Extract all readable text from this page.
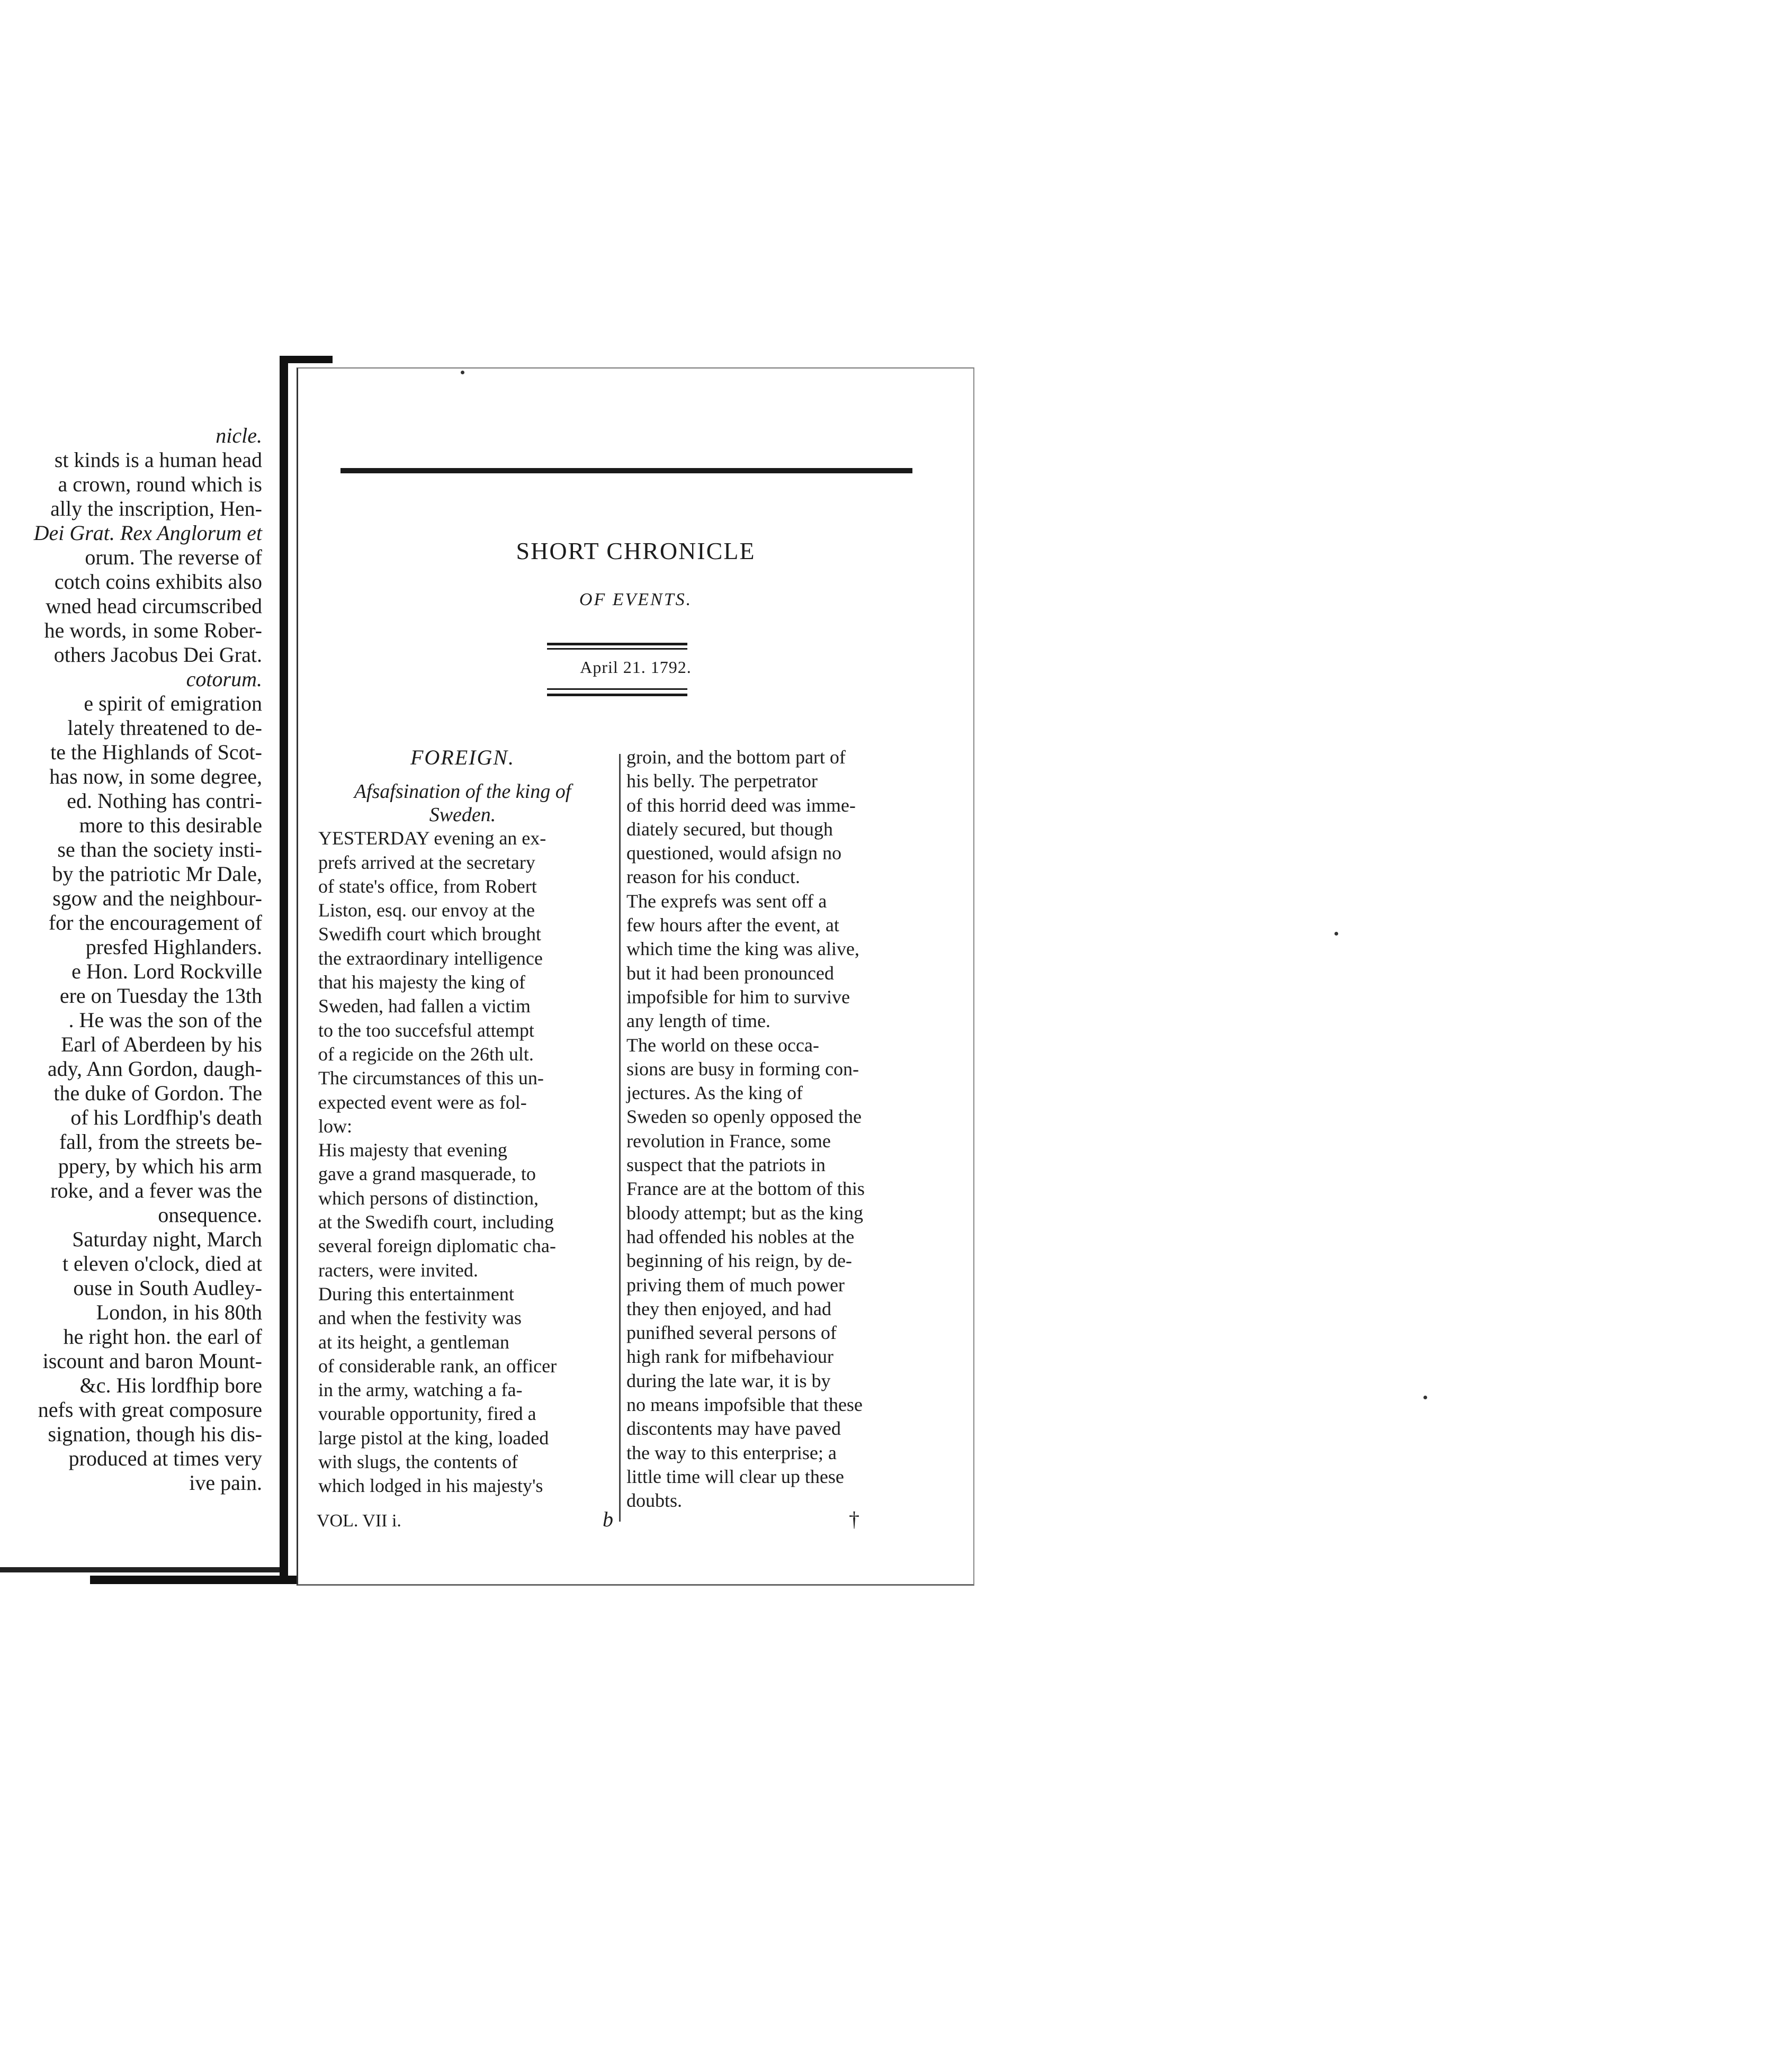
nicle.
st kinds is a human head
a crown, round which is
ally the inscription, Hen-
Dei Grat. Rex Anglorum et
orum. The reverse of
cotch coins exhibits also
wned head circumscribed
he words, in some Rober-
others Jacobus Dei Grat.
cotorum.
e spirit of emigration
lately threatened to de-
te the Highlands of Scot-
has now, in some degree,
ed. Nothing has contri-
more to this desirable
se than the society insti-
by the patriotic Mr Dale,
sgow and the neighbour-
for the encouragement of
presfed Highlanders.
e Hon. Lord Rockville
ere on Tuesday the 13th
. He was the son of the
Earl of Aberdeen by his
ady, Ann Gordon, daugh-
the duke of Gordon. The
of his Lordfhip's death
fall, from the streets be-
ppery, by which his arm
roke, and a fever was the
onsequence.
Saturday night, March
t eleven o'clock, died at
ouse in South Audley-
London, in his 80th
he right hon. the earl of
iscount and baron Mount-
&c. His lordfhip bore
nefs with great composure
signation, though his dis-
produced at times very
ive pain.
SHORT CHRONICLE
OF EVENTS.
April 21. 1792.
FOREIGN.
Afsafsination of the king of
Sweden.
YESTERDAY evening an ex-
prefs arrived at the secretary
of state's office, from Robert
Liston, esq. our envoy at the
Swedifh court which brought
the extraordinary intelligence
that his majesty the king of
Sweden, had fallen a victim
to the too succefsful attempt
of a regicide on the 26th ult.
The circumstances of this un-
expected event were as fol-
low:
His majesty that evening
gave a grand masquerade, to
which persons of distinction,
at the Swedifh court, including
several foreign diplomatic cha-
racters, were invited.
During this entertainment
and when the festivity was
at its height, a gentleman
of considerable rank, an officer
in the army, watching a fa-
vourable opportunity, fired a
large pistol at the king, loaded
with slugs, the contents of
which lodged in his majesty's
groin, and the bottom part of
his belly. The perpetrator
of this horrid deed was imme-
diately secured, but though
questioned, would afsign no
reason for his conduct.
The exprefs was sent off a
few hours after the event, at
which time the king was alive,
but it had been pronounced
impofsible for him to survive
any length of time.
The world on these occa-
sions are busy in forming con-
jectures. As the king of
Sweden so openly opposed the
revolution in France, some
suspect that the patriots in
France are at the bottom of this
bloody attempt; but as the king
had offended his nobles at the
beginning of his reign, by de-
priving them of much power
they then enjoyed, and had
punifhed several persons of
high rank for mifbehaviour
during the late war, it is by
no means impofsible that these
discontents may have paved
the way to this enterprise; a
little time will clear up these
doubts.
VOL. VII i.	b	†
